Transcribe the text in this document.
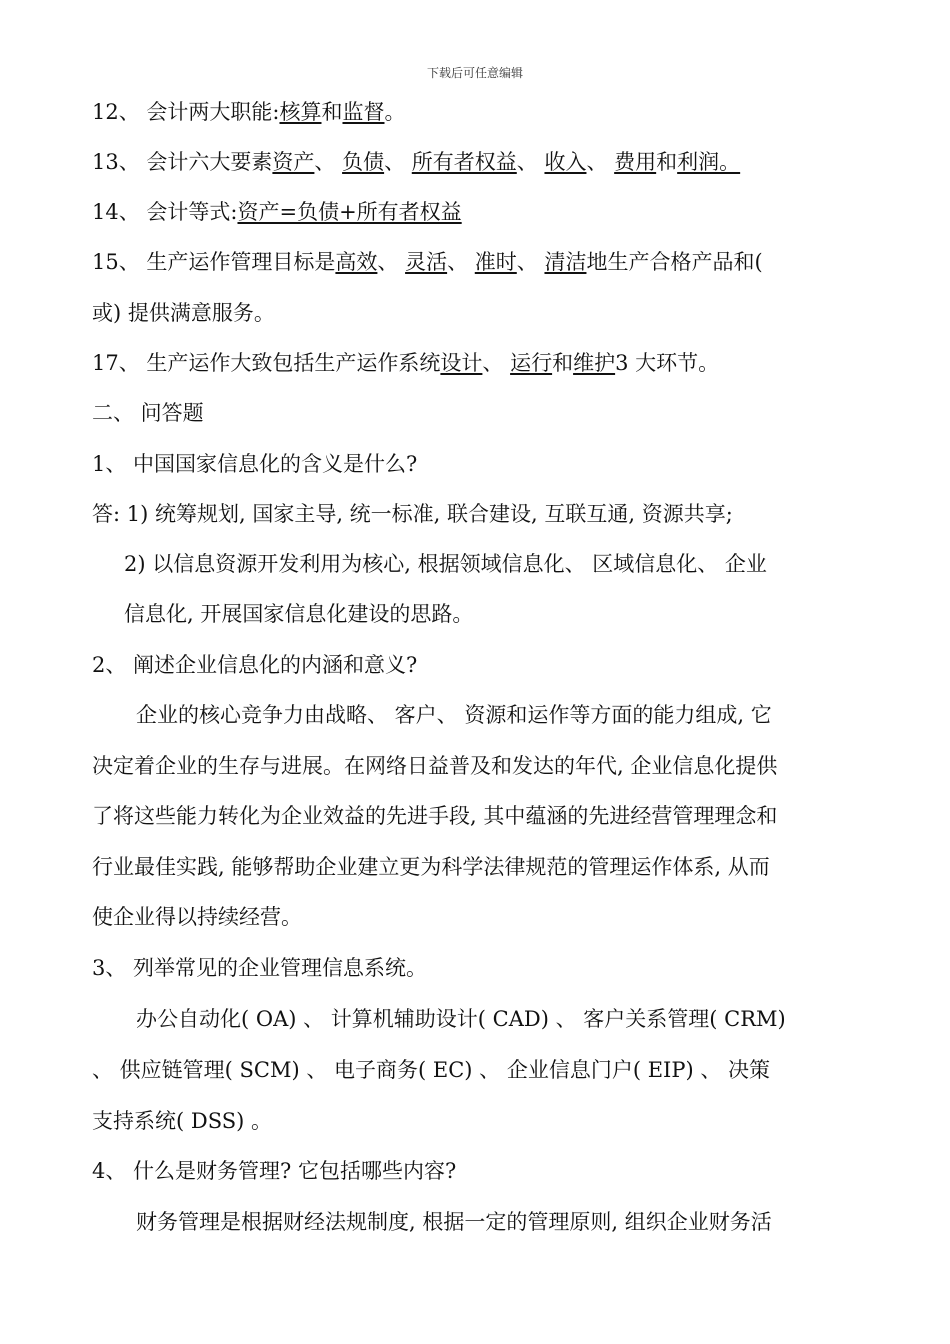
下载后可任意编辑
12、 会计两大职能:核算和监督。
13、 会计六大要素资产、 负债、 所有者权益、 收入、 费用和利润。
14、 会计等式:资产=负债+所有者权益
15、 生产运作管理目标是高效、 灵活、 准时、 清洁地生产合格产品和(
或) 提供满意服务。
17、 生产运作大致包括生产运作系统设计、 运行和维护3 大环节。
二、 问答题
1、 中国国家信息化的含义是什么?
答: 1) 统筹规划, 国家主导, 统一标准, 联合建设, 互联互通, 资源共享;
2) 以信息资源开发利用为核心, 根据领域信息化、 区域信息化、 企业
信息化, 开展国家信息化建设的思路。
2、 阐述企业信息化的内涵和意义?
企业的核心竞争力由战略、 客户、 资源和运作等方面的能力组成, 它
决定着企业的生存与进展。在网络日益普及和发达的年代, 企业信息化提供
了将这些能力转化为企业效益的先进手段, 其中蕴涵的先进经营管理理念和
行业最佳实践, 能够帮助企业建立更为科学法律规范的管理运作体系, 从而
使企业得以持续经营。
3、 列举常见的企业管理信息系统。
办公自动化( OA) 、 计算机辅助设计( CAD) 、 客户关系管理( CRM)
、 供应链管理( SCM) 、 电子商务( EC) 、 企业信息门户( EIP) 、 决策
支持系统( DSS) 。
4、 什么是财务管理? 它包括哪些内容?
财务管理是根据财经法规制度, 根据一定的管理原则, 组织企业财务活
